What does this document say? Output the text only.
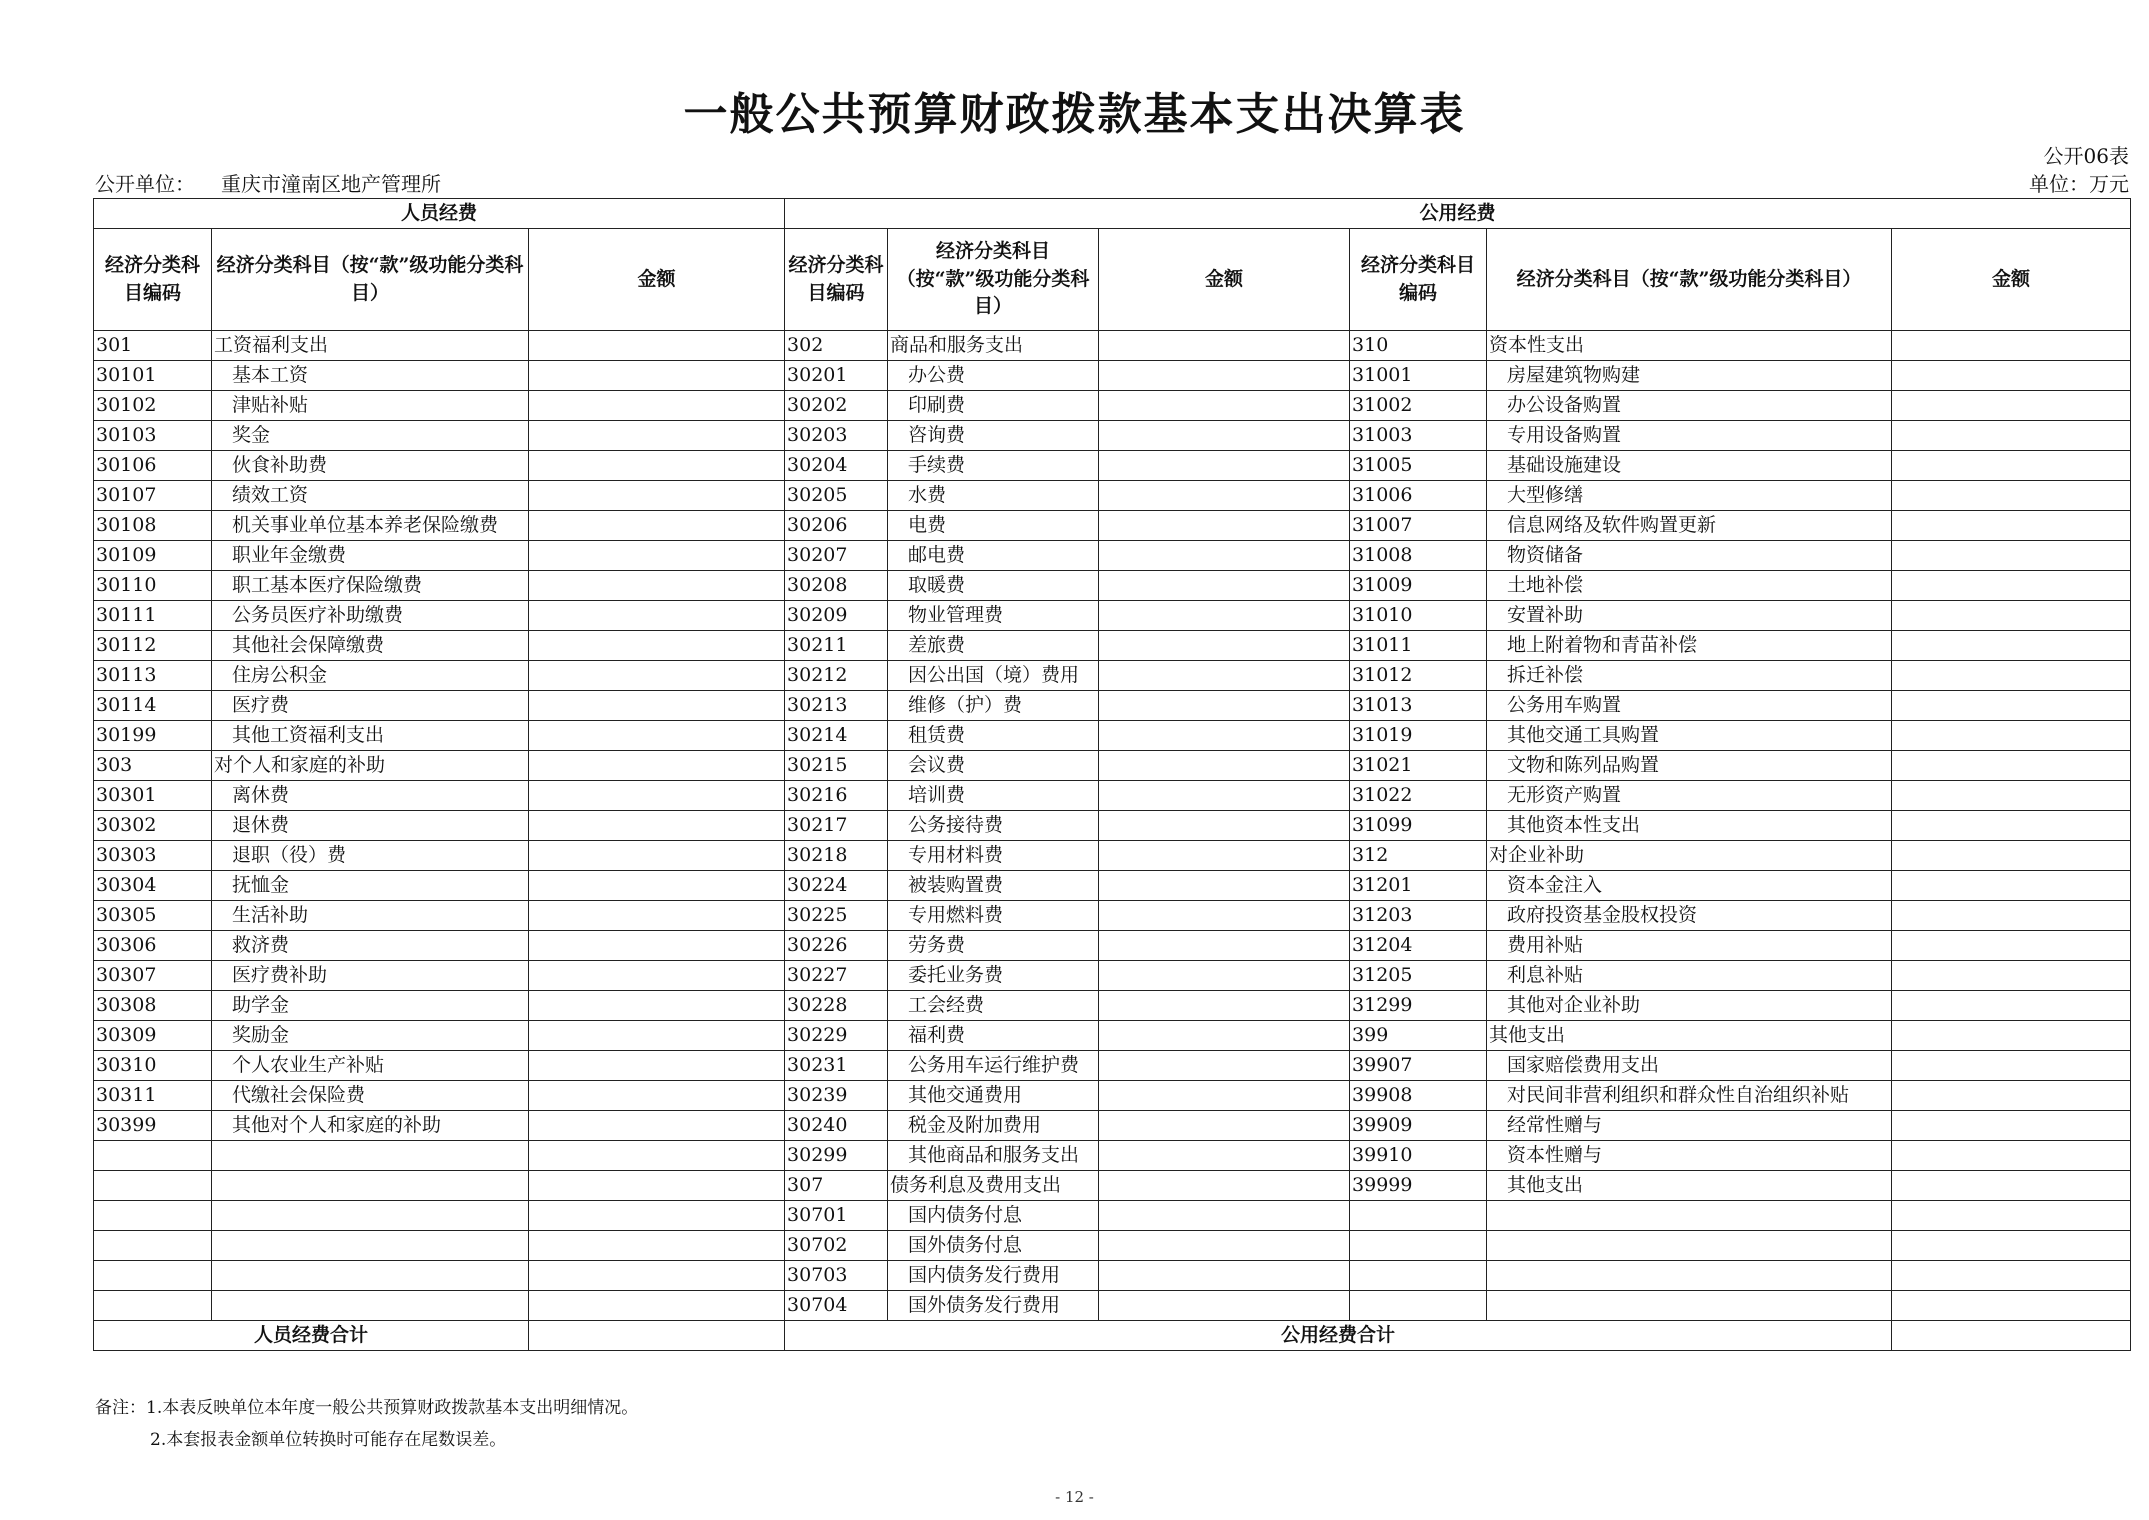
一般公共预算财政拨款基本支出决算表
公开06表
公开单位： 重庆市潼南区地产管理所	单位：万元
人员经费			公用经费					
经济分类科目编码	经济分类科目（按“款”级功能分类科目）	金额	经济分类科目编码	经济分类科目（按“款”级功能分类科目）	金额	经济分类科目编码	经济分类科目（按“款”级功能分类科目）	金额
301	工资福利支出		302	商品和服务支出		310	资本性支出	
30101	基本工资		30201	办公费		31001	房屋建筑物购建	
30102	津贴补贴		30202	印刷费		31002	办公设备购置	
30103	奖金		30203	咨询费		31003	专用设备购置	
30106	伙食补助费		30204	手续费		31005	基础设施建设	
30107	绩效工资		30205	水费		31006	大型修缮	
30108	机关事业单位基本养老保险缴费		30206	电费		31007	信息网络及软件购置更新	
30109	职业年金缴费		30207	邮电费		31008	物资储备	
30110	职工基本医疗保险缴费		30208	取暖费		31009	土地补偿	
30111	公务员医疗补助缴费		30209	物业管理费		31010	安置补助	
30112	其他社会保障缴费		30211	差旅费		31011	地上附着物和青苗补偿	
30113	住房公积金		30212	因公出国（境）费用		31012	拆迁补偿	
30114	医疗费		30213	维修（护）费		31013	公务用车购置	
30199	其他工资福利支出		30214	租赁费		31019	其他交通工具购置	
303	对个人和家庭的补助		30215	会议费		31021	文物和陈列品购置	
30301	离休费		30216	培训费		31022	无形资产购置	
30302	退休费		30217	公务接待费		31099	其他资本性支出	
30303	退职（役）费		30218	专用材料费		312	对企业补助	
30304	抚恤金		30224	被装购置费		31201	资本金注入	
30305	生活补助		30225	专用燃料费		31203	政府投资基金股权投资	
30306	救济费		30226	劳务费		31204	费用补贴	
30307	医疗费补助		30227	委托业务费		31205	利息补贴	
30308	助学金		30228	工会经费		31299	其他对企业补助	
30309	奖励金		30229	福利费		399	其他支出	
30310	个人农业生产补贴		30231	公务用车运行维护费		39907	国家赔偿费用支出	
30311	代缴社会保险费		30239	其他交通费用		39908	对民间非营利组织和群众性自治组织补贴	
30399	其他对个人和家庭的补助		30240	税金及附加费用		39909	经常性赠与	
			30299	其他商品和服务支出		39910	资本性赠与	
			307	债务利息及费用支出		39999	其他支出	
			30701	国内债务付息				
			30702	国外债务付息				
			30703	国内债务发行费用				
			30704	国外债务发行费用				
人员经费合计			公用经费合计					
备注：1.本表反映单位本年度一般公共预算财政拨款基本支出明细情况。
2.本套报表金额单位转换时可能存在尾数误差。
- 12 -
